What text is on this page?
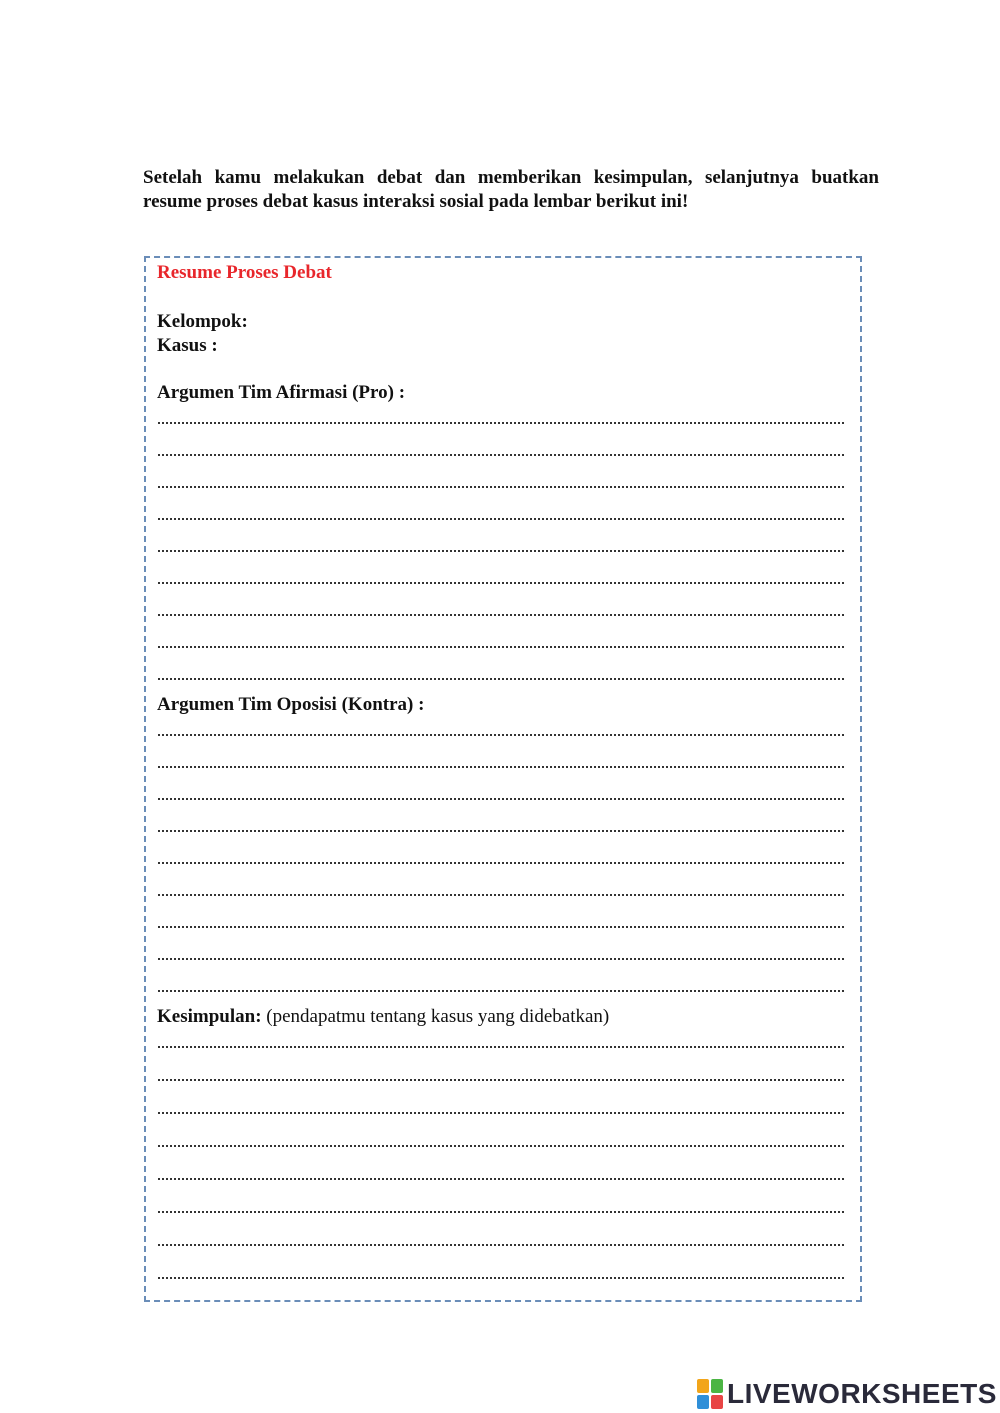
Setelah kamu melakukan debat dan memberikan kesimpulan, selanjutnya buatkan resume proses debat kasus interaksi sosial pada lembar berikut ini!
Resume Proses Debat
Kelompok:
Kasus :
Argumen Tim Afirmasi (Pro) :
Argumen Tim Oposisi (Kontra) :
Kesimpulan: (pendapatmu tentang kasus yang didebatkan)
LIVEWORKSHEETS
